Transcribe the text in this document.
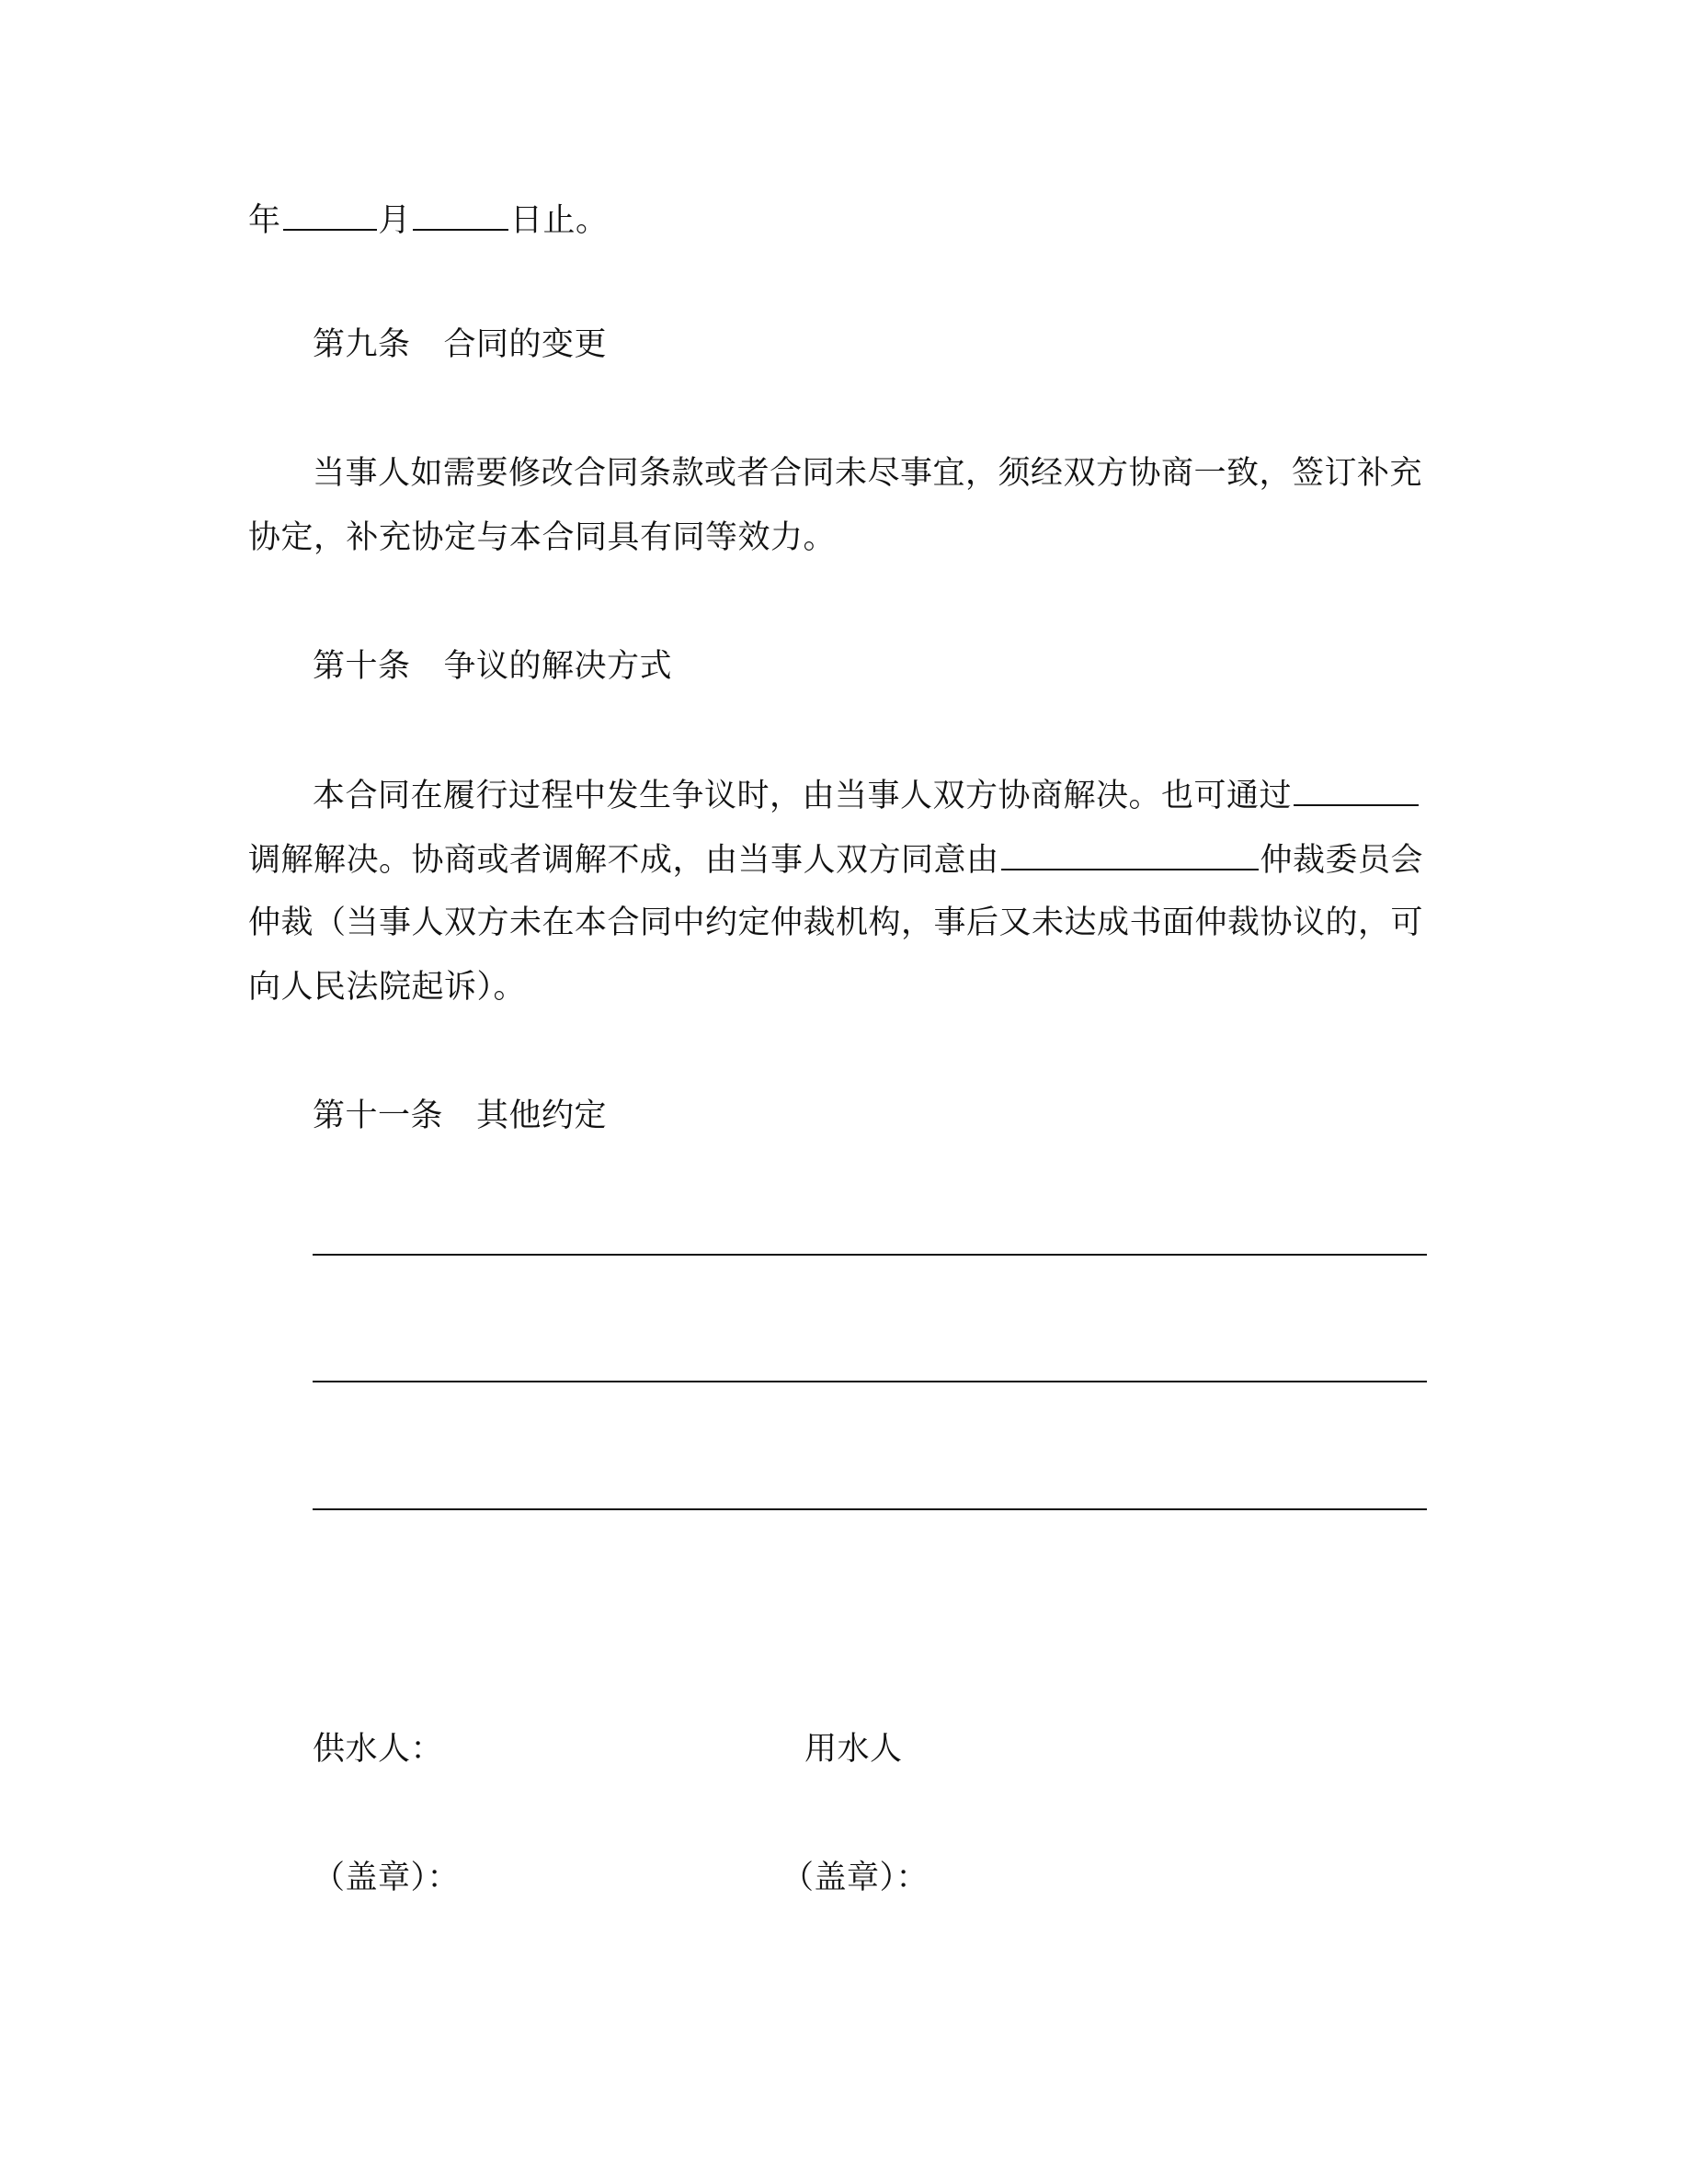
年	月	日止。
第九条 合同的变更
当事人如需要修改合同条款或者合同未尽事宜，须经双方协商一致，签订补充
协定，补充协定与本合同具有同等效力。
第十条 争议的解决方式
本合同在履行过程中发生争议时，由当事人双方协商解决。也可通过
调解解决。协商或者调解不成，由当事人双方同意由	仲裁委员会
仲裁（当事人双方未在本合同中约定仲裁机构，事后又未达成书面仲裁协议的，可
向人民法院起诉）。
第十一条 其他约定
供水人：	用水人
（盖章）：	（盖章）：
